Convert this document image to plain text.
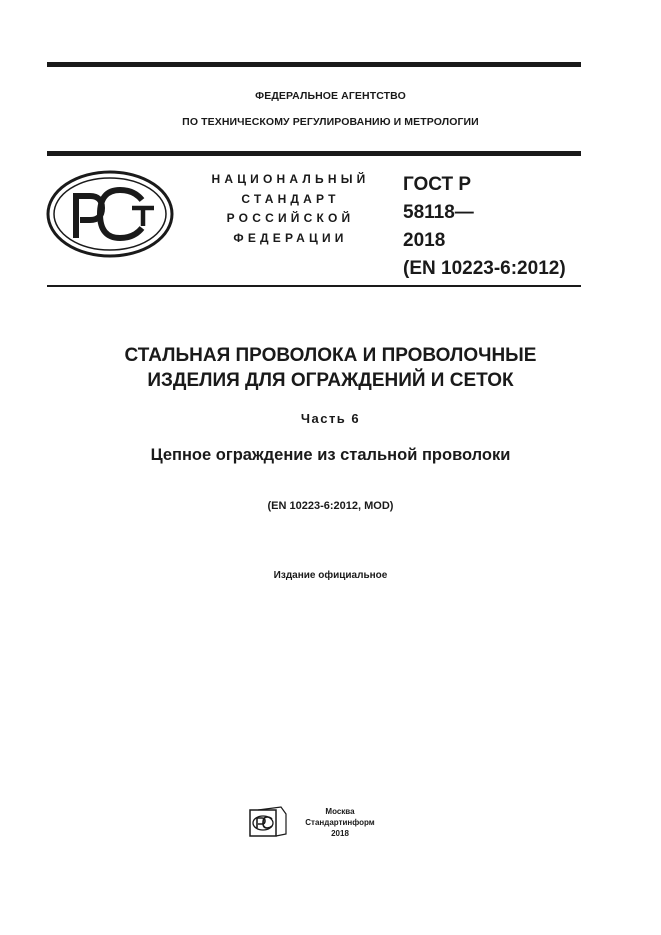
ФЕДЕРАЛЬНОЕ АГЕНТСТВО
ПО ТЕХНИЧЕСКОМУ РЕГУЛИРОВАНИЮ И МЕТРОЛОГИИ
НАЦИОНАЛЬНЫЙ
СТАНДАРТ
РОССИЙСКОЙ
ФЕДЕРАЦИИ
ГОСТ Р
58118—
2018
(EN 10223-6:2012)
СТАЛЬНАЯ ПРОВОЛОКА И ПРОВОЛОЧНЫЕ
ИЗДЕЛИЯ ДЛЯ ОГРАЖДЕНИЙ И СЕТОК
Часть 6
Цепное ограждение из стальной проволоки
(EN 10223-6:2012, MOD)
Издание официальное
Москва
Стандартинформ
2018
